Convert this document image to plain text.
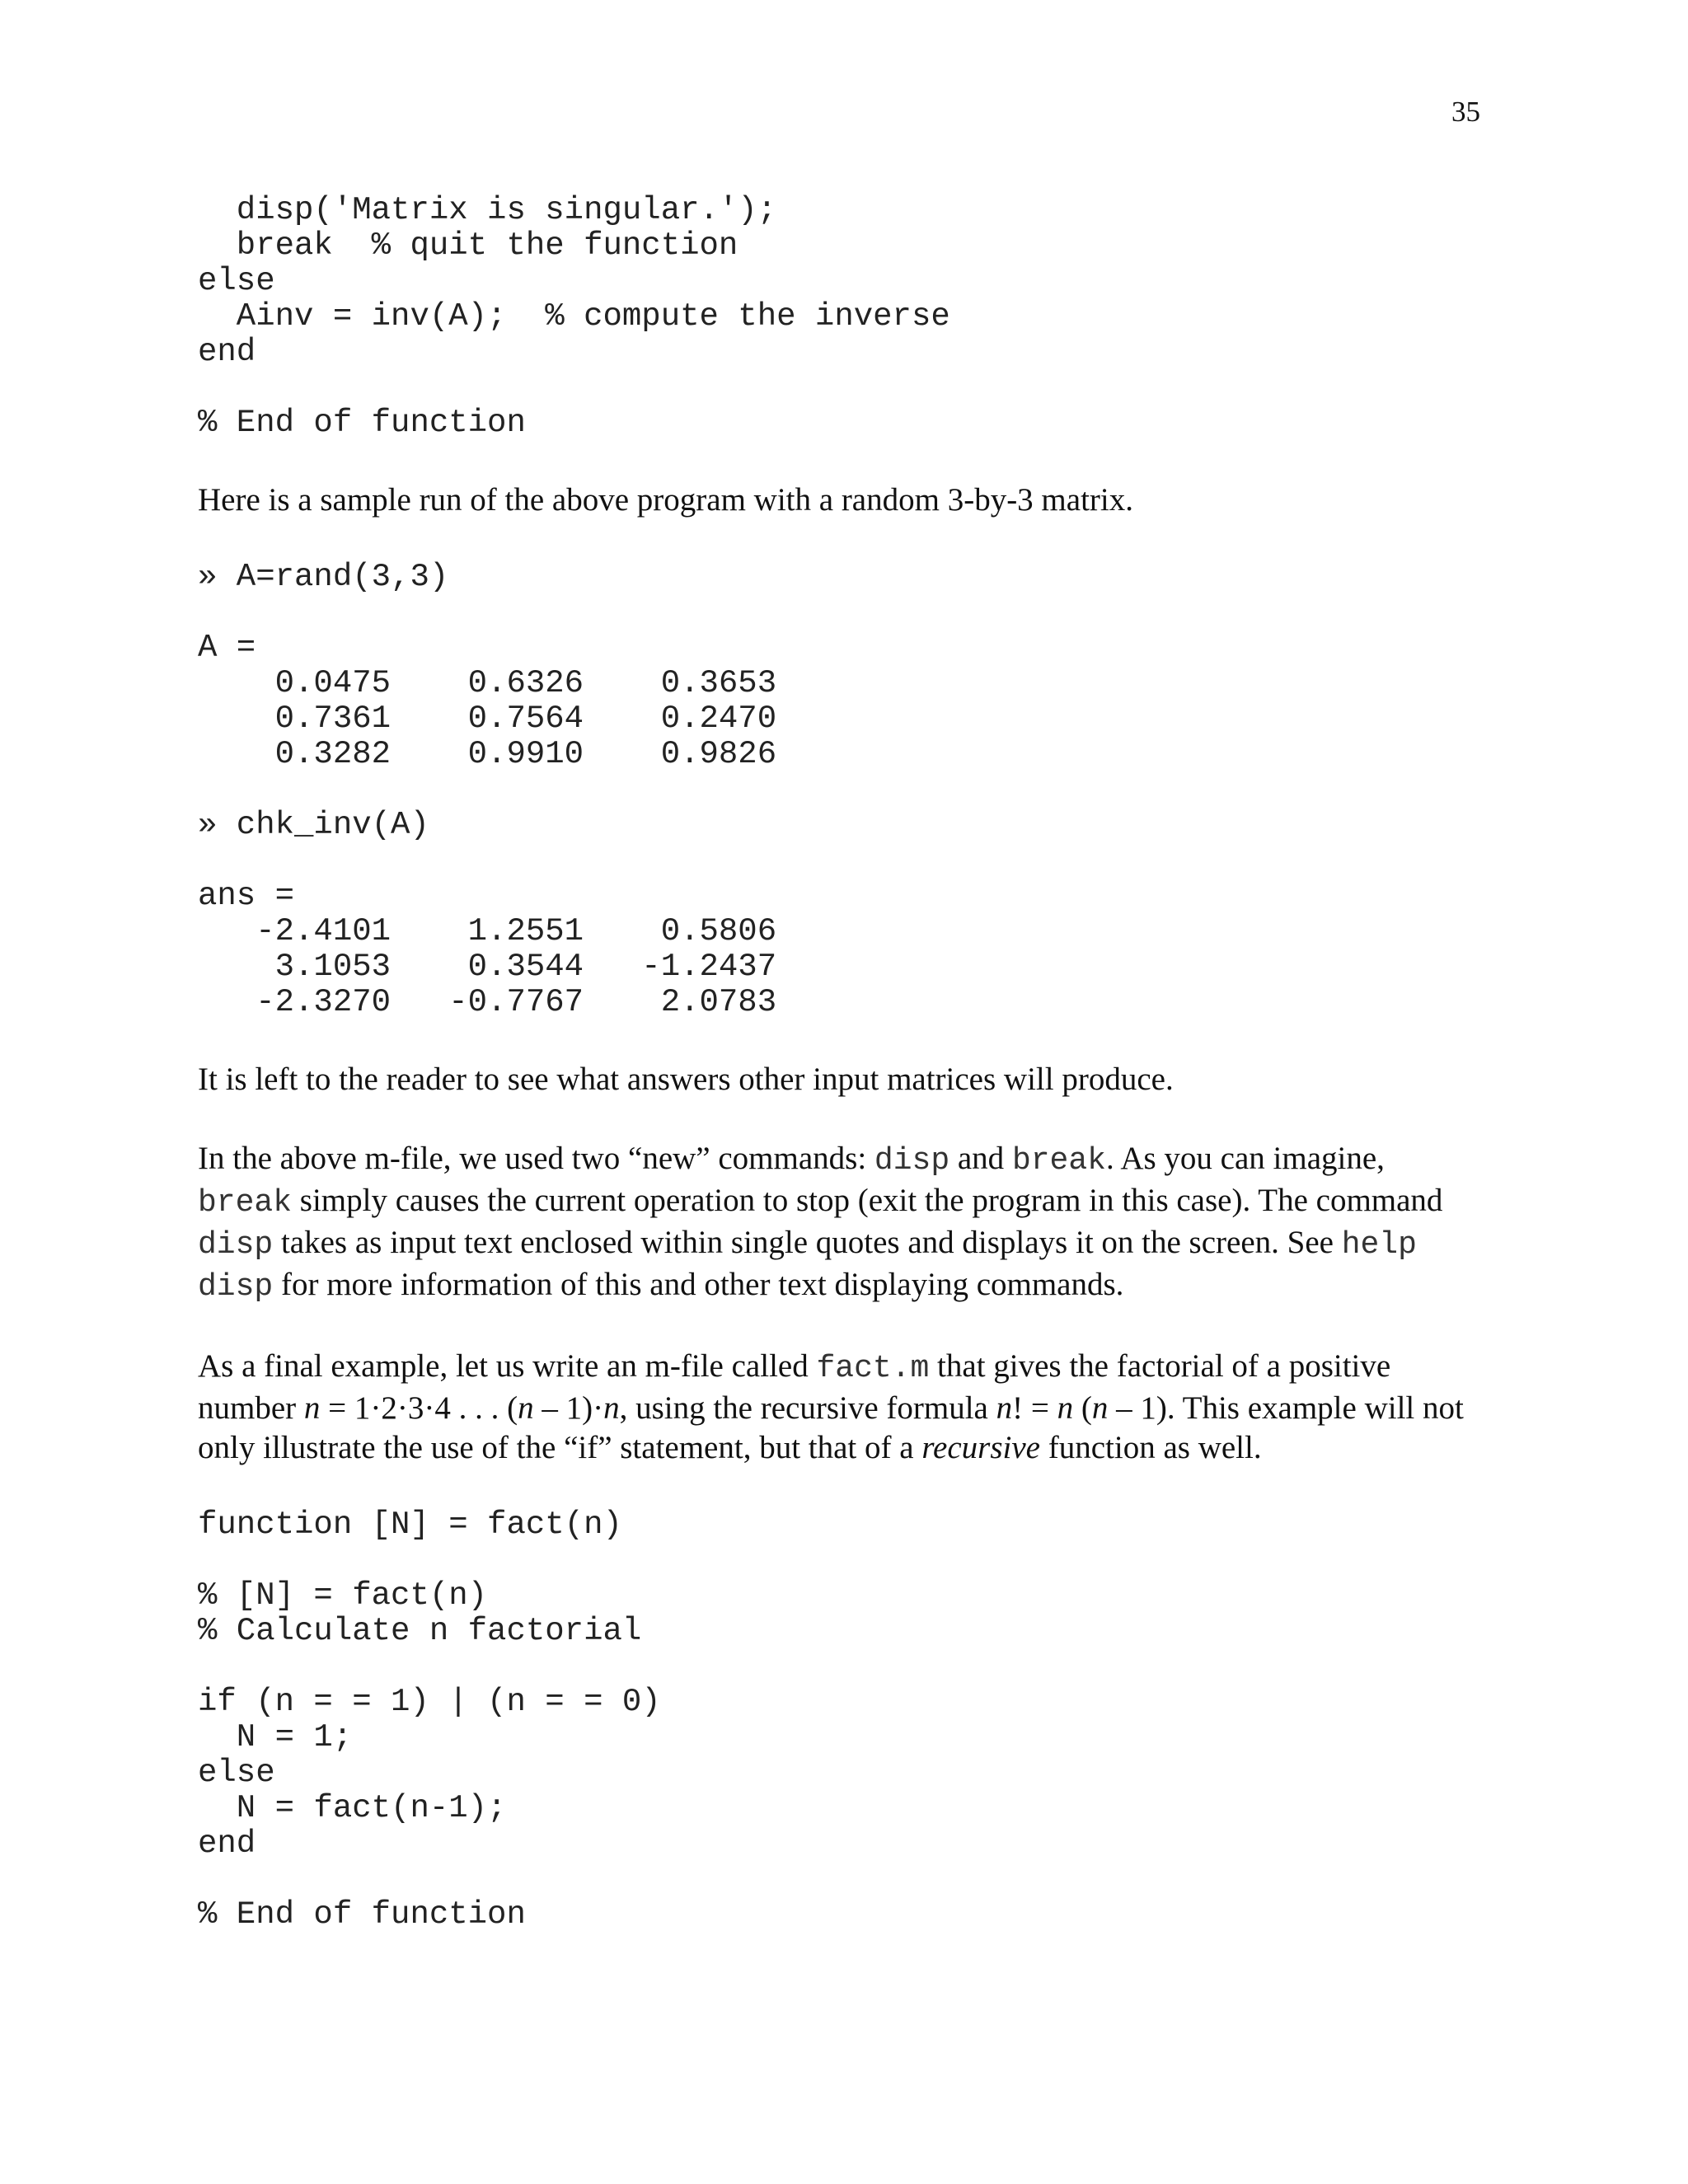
35
disp('Matrix is singular.');
break  % quit the function
else
Ainv = inv(A);  % compute the inverse
end

% End of function

Here is a sample run of the above program with a random 3-by-3 matrix.

» A=rand(3,3)

A =
0.0475    0.6326    0.3653
0.7361    0.7564    0.2470
0.3282    0.9910    0.9826

» chk_inv(A)

ans =
-2.4101    1.2551    0.5806
3.1053    0.3544   -1.2437
-2.3270   -0.7767    2.0783

It is left to the reader to see what answers other input matrices will produce.

In the above m-file, we used two “new” commands: disp and break. As you can imagine,
break simply causes the current operation to stop (exit the program in this case). The command disp takes as input text enclosed within single quotes and displays it on the screen. See help disp for more information of this and other text displaying commands.

As a final example, let us write an m-file called fact.m that gives the factorial of a positive number n = 1·2·3·4 . . . (n – 1)·n, using the recursive formula n! = n (n – 1). This example will not only illustrate the use of the “if” statement, but that of a recursive function as well.

function [N] = fact(n)

% [N] = fact(n)
% Calculate n factorial

if (n = = 1) | (n = = 0)
N = 1;
else
N = fact(n-1);
end

% End of function
